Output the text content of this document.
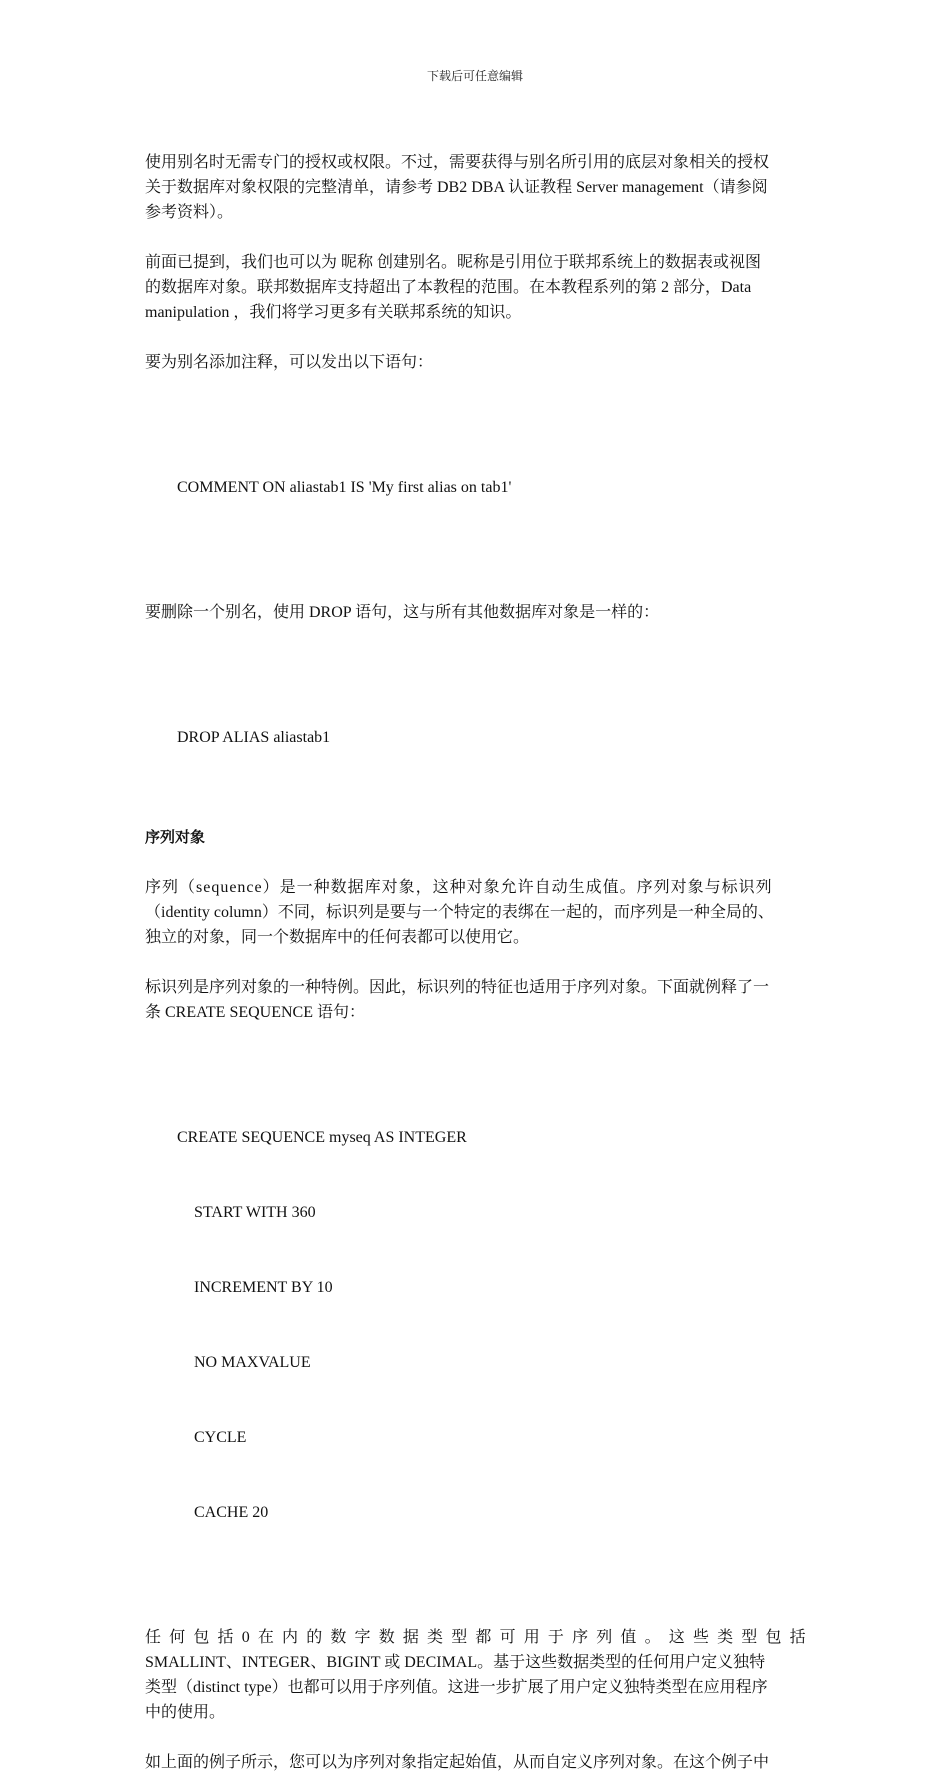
下载后可任意编辑
使用别名时无需专门的授权或权限。不过，需要获得与别名所引用的底层对象相关的授权
关于数据库对象权限的完整清单，请参考 DB2 DBA 认证教程 Server management（请参阅
参考资料）。
前面已提到，我们也可以为 昵称 创建别名。昵称是引用位于联邦系统上的数据表或视图
的数据库对象。联邦数据库支持超出了本教程的范围。在本教程系列的第 2 部分，Data
manipulation ，我们将学习更多有关联邦系统的知识。
要为别名添加注释，可以发出以下语句：

COMMENT ON aliastab1 IS 'My first alias on tab1'

要删除一个别名，使用 DROP 语句，这与所有其他数据库对象是一样的：

DROP ALIAS aliastab1

序列对象
序列（sequence）是一种数据库对象，这种对象允许自动生成值。序列对象与标识列
（identity column）不同，标识列是要与一个特定的表绑在一起的，而序列是一种全局的、
独立的对象，同一个数据库中的任何表都可以使用它。
标识列是序列对象的一种特例。因此，标识列的特征也适用于序列对象。下面就例释了一
条 CREATE SEQUENCE 语句：

CREATE SEQUENCE myseq AS INTEGER

START WITH 360

INCREMENT BY 10

NO MAXVALUE

CYCLE

CACHE 20

任 何 包 括 0 在 内 的 数 字 数 据 类 型 都 可 用 于 序 列 值 。 这 些 类 型 包 括
SMALLINT、INTEGER、BIGINT 或 DECIMAL。基于这些数据类型的任何用户定义独特
类型（distinct type）也都可以用于序列值。这进一步扩展了用户定义独特类型在应用程序
中的使用。
如上面的例子所示，您可以为序列对象指定起始值，从而自定义序列对象。在这个例子中
